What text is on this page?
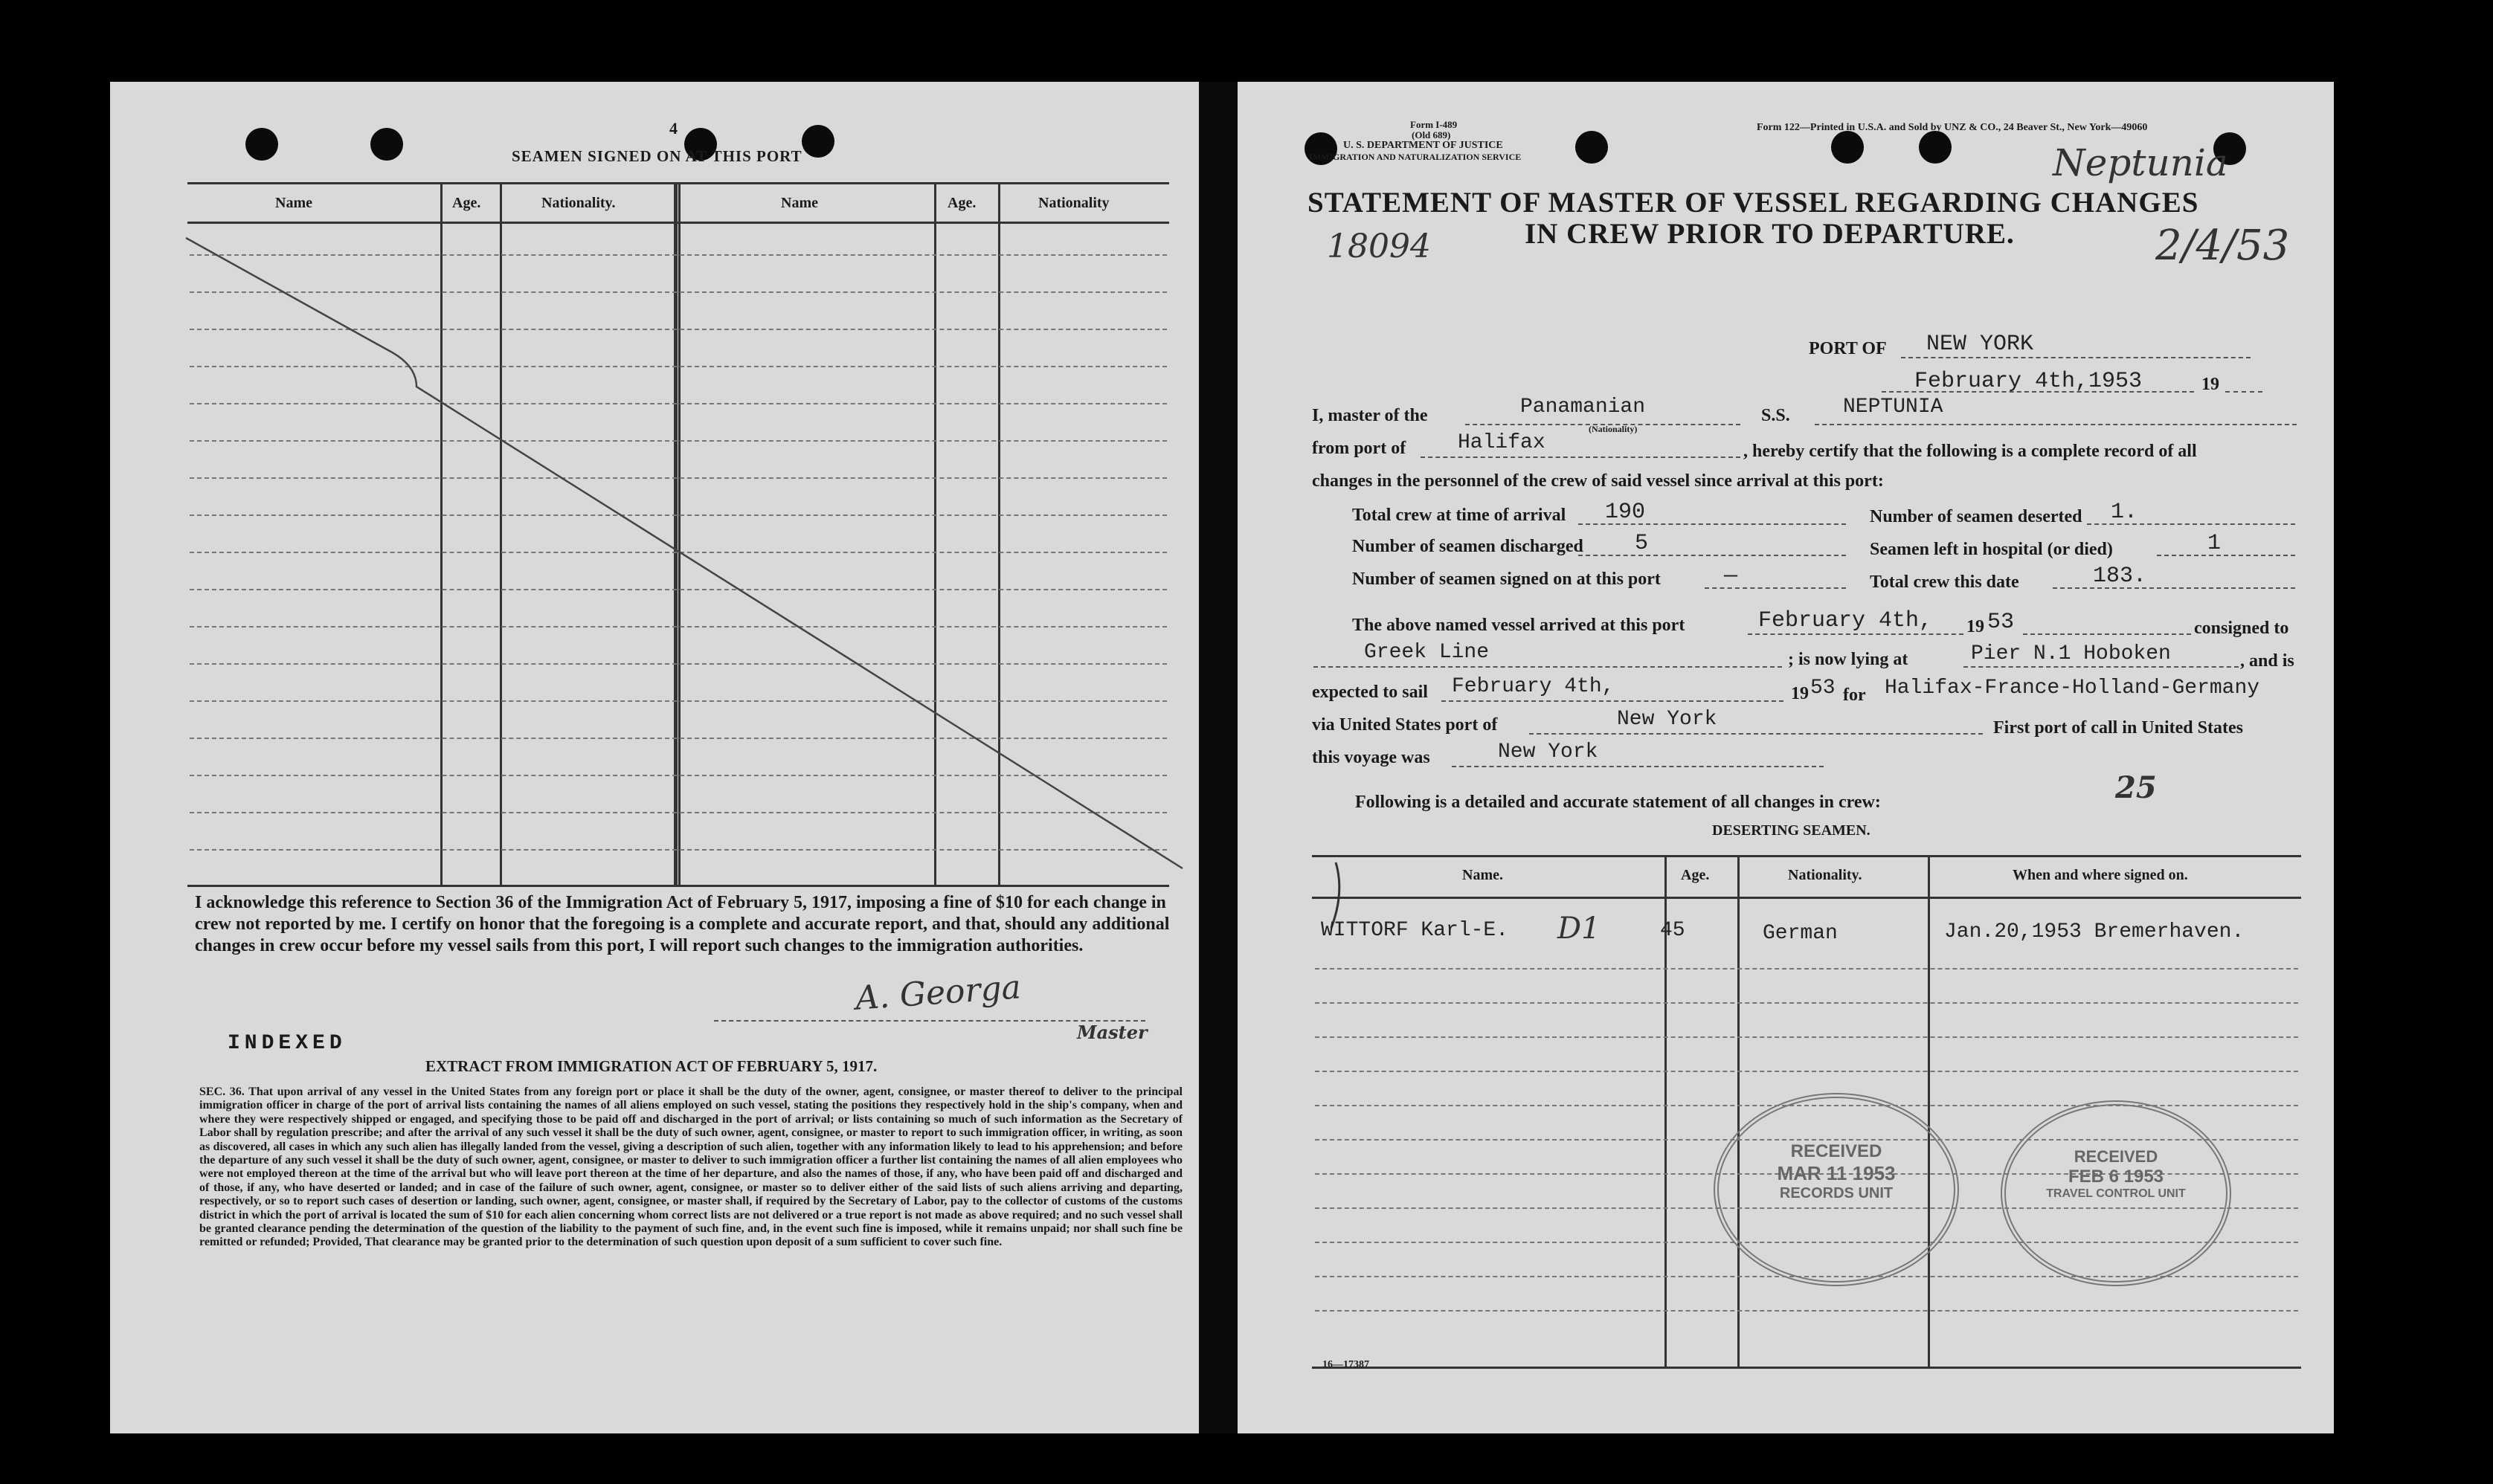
4
SEAMEN SIGNED ON AT THIS PORT
Name	Age.	Nationality.	Name	Age.	Nationality
I acknowledge this reference to Section 36 of the Immigration Act of February 5, 1917, imposing a fine of $10 for each change in crew not reported by me. I certify on honor that the foregoing is a complete and accurate report, and that, should any additional changes in crew occur before my vessel sails from this port, I will report such changes to the immigration authorities.
A. Georga
Master
INDEXED
EXTRACT FROM IMMIGRATION ACT OF FEBRUARY 5, 1917.
SEC. 36. That upon arrival of any vessel in the United States from any foreign port or place it shall be the duty of the owner, agent, consignee, or master thereof to deliver to the principal immigration officer in charge of the port of arrival lists containing the names of all aliens employed on such vessel, stating the positions they respectively hold in the ship's company, when and where they were respectively shipped or engaged, and specifying those to be paid off and discharged in the port of arrival; or lists containing so much of such information as the Secretary of Labor shall by regulation prescribe; and after the arrival of any such vessel it shall be the duty of such owner, agent, consignee, or master to report to such immigration officer, in writing, as soon as discovered, all cases in which any such alien has illegally landed from the vessel, giving a description of such alien, together with any information likely to lead to his apprehension; and before the departure of any such vessel it shall be the duty of such owner, agent, consignee, or master to deliver to such immigration officer a further list containing the names of all alien employees who were not employed thereon at the time of the arrival but who will leave port thereon at the time of her departure, and also the names of those, if any, who have been paid off and discharged and of those, if any, who have deserted or landed; and in case of the failure of such owner, agent, consignee, or master so to deliver either of the said lists of such aliens arriving and departing, respectively, or so to report such cases of desertion or landing, such owner, agent, consignee, or master shall, if required by the Secretary of Labor, pay to the collector of customs of the customs district in which the port of arrival is located the sum of $10 for each alien concerning whom correct lists are not delivered or a true report is not made as above required; and no such vessel shall be granted clearance pending the determination of the question of the liability to the payment of such fine, and, in the event such fine is imposed, while it remains unpaid; nor shall such fine be remitted or refunded; Provided, That clearance may be granted prior to the determination of such question upon deposit of a sum sufficient to cover such fine.
Form I-489
(Old 689)
U. S. DEPARTMENT OF JUSTICE
IMMIGRATION AND NATURALIZATION SERVICE
Form 122—Printed in U.S.A. and Sold by UNZ & CO., 24 Beaver St., New York—49060
STATEMENT OF MASTER OF VESSEL REGARDING CHANGES
IN CREW PRIOR TO DEPARTURE.
Neptunia
2/4/53
18094
PORT OF NEW YORK
February 4th,1953	19
I, master of the	Panamanian
(Nationality)
S.S.	NEPTUNIA
from port of Halifax	, hereby certify that the following is a complete record of all
changes in the personnel of the crew of said vessel since arrival at this port:
Total crew at time of arrival 190	Number of seamen deserted 1.
Number of seamen discharged 5	Seamen left in hospital (or died)	1
Number of seamen signed on at this port	—	Total crew this date	183.
The above named vessel arrived at this port	February 4th, 19 53	consigned to
Greek Line	; is now lying at	Pier N.1 Hoboken	, and is
expected to sail February 4th,	19 53 for Halifax-France-Holland-Germany
via United States port of	New York	First port of call in United States
this voyage was	New York
Following is a detailed and accurate statement of all changes in crew:	25
DESERTING SEAMEN.
Name.	Age.	Nationality.	When and where signed on.
WITTORF Karl-E. D1	45	German	Jan.20,1953 Bremerhaven.
RECEIVED
MAR 11 1953
RECORDS UNIT
RECEIVED
FEB 6 1953
TRAVEL CONTROL UNIT
16—17387
